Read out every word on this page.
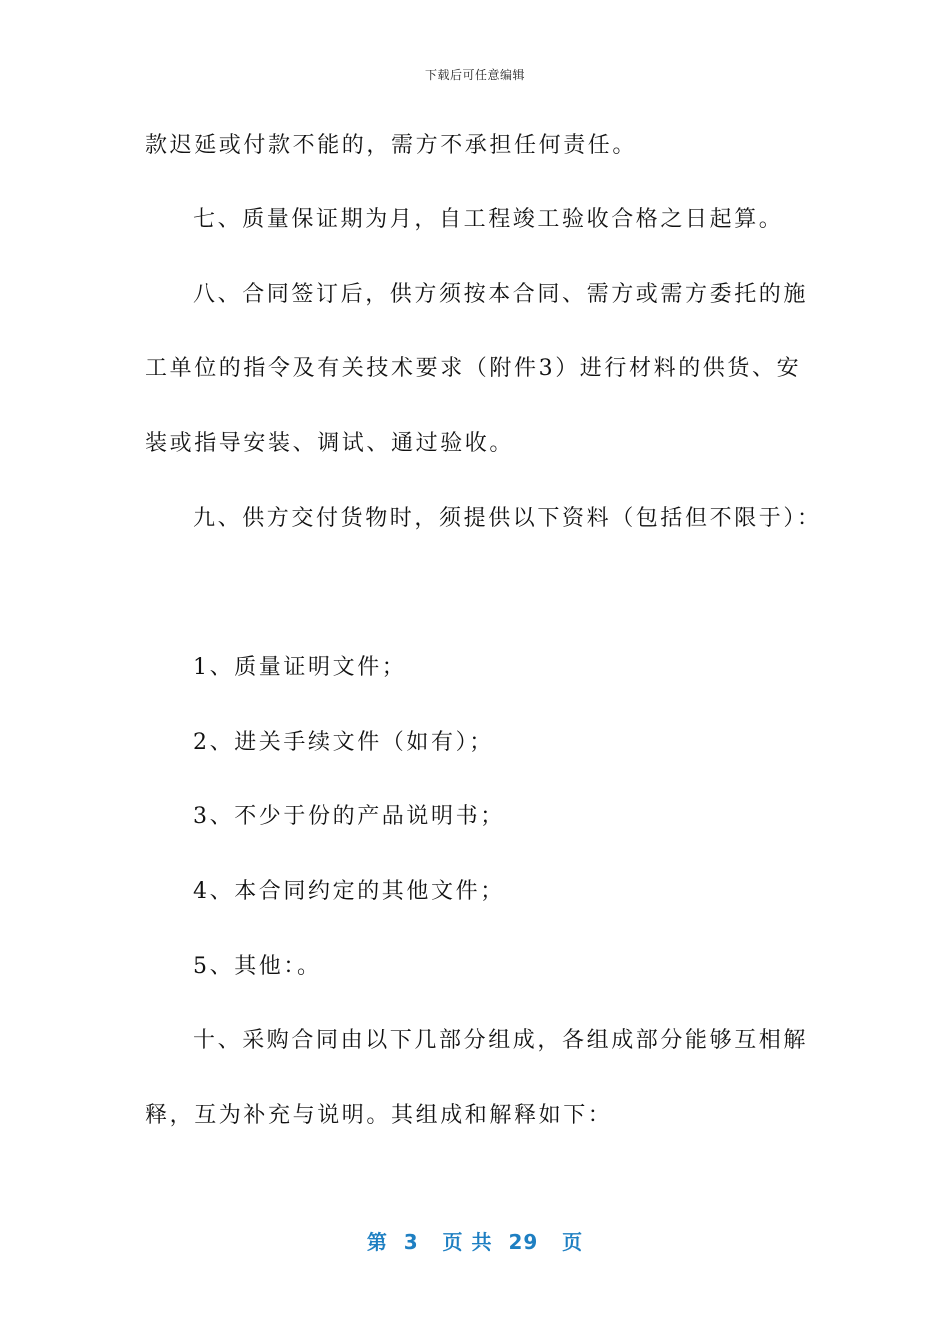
下载后可任意编辑
款迟延或付款不能的，需方不承担任何责任。
七、质量保证期为月，自工程竣工验收合格之日起算。
八、合同签订后，供方须按本合同、需方或需方委托的施
工单位的指令及有关技术要求（附件3）进行材料的供货、安
装或指导安装、调试、通过验收。
九、供方交付货物时，须提供以下资料（包括但不限于）：
1、质量证明文件；
2、进关手续文件（如有）；
3、不少于份的产品说明书；
4、本合同约定的其他文件；
5、其他：。
十、采购合同由以下几部分组成，各组成部分能够互相解
释，互为补充与说明。其组成和解释如下：
第  3   页 共  29   页
